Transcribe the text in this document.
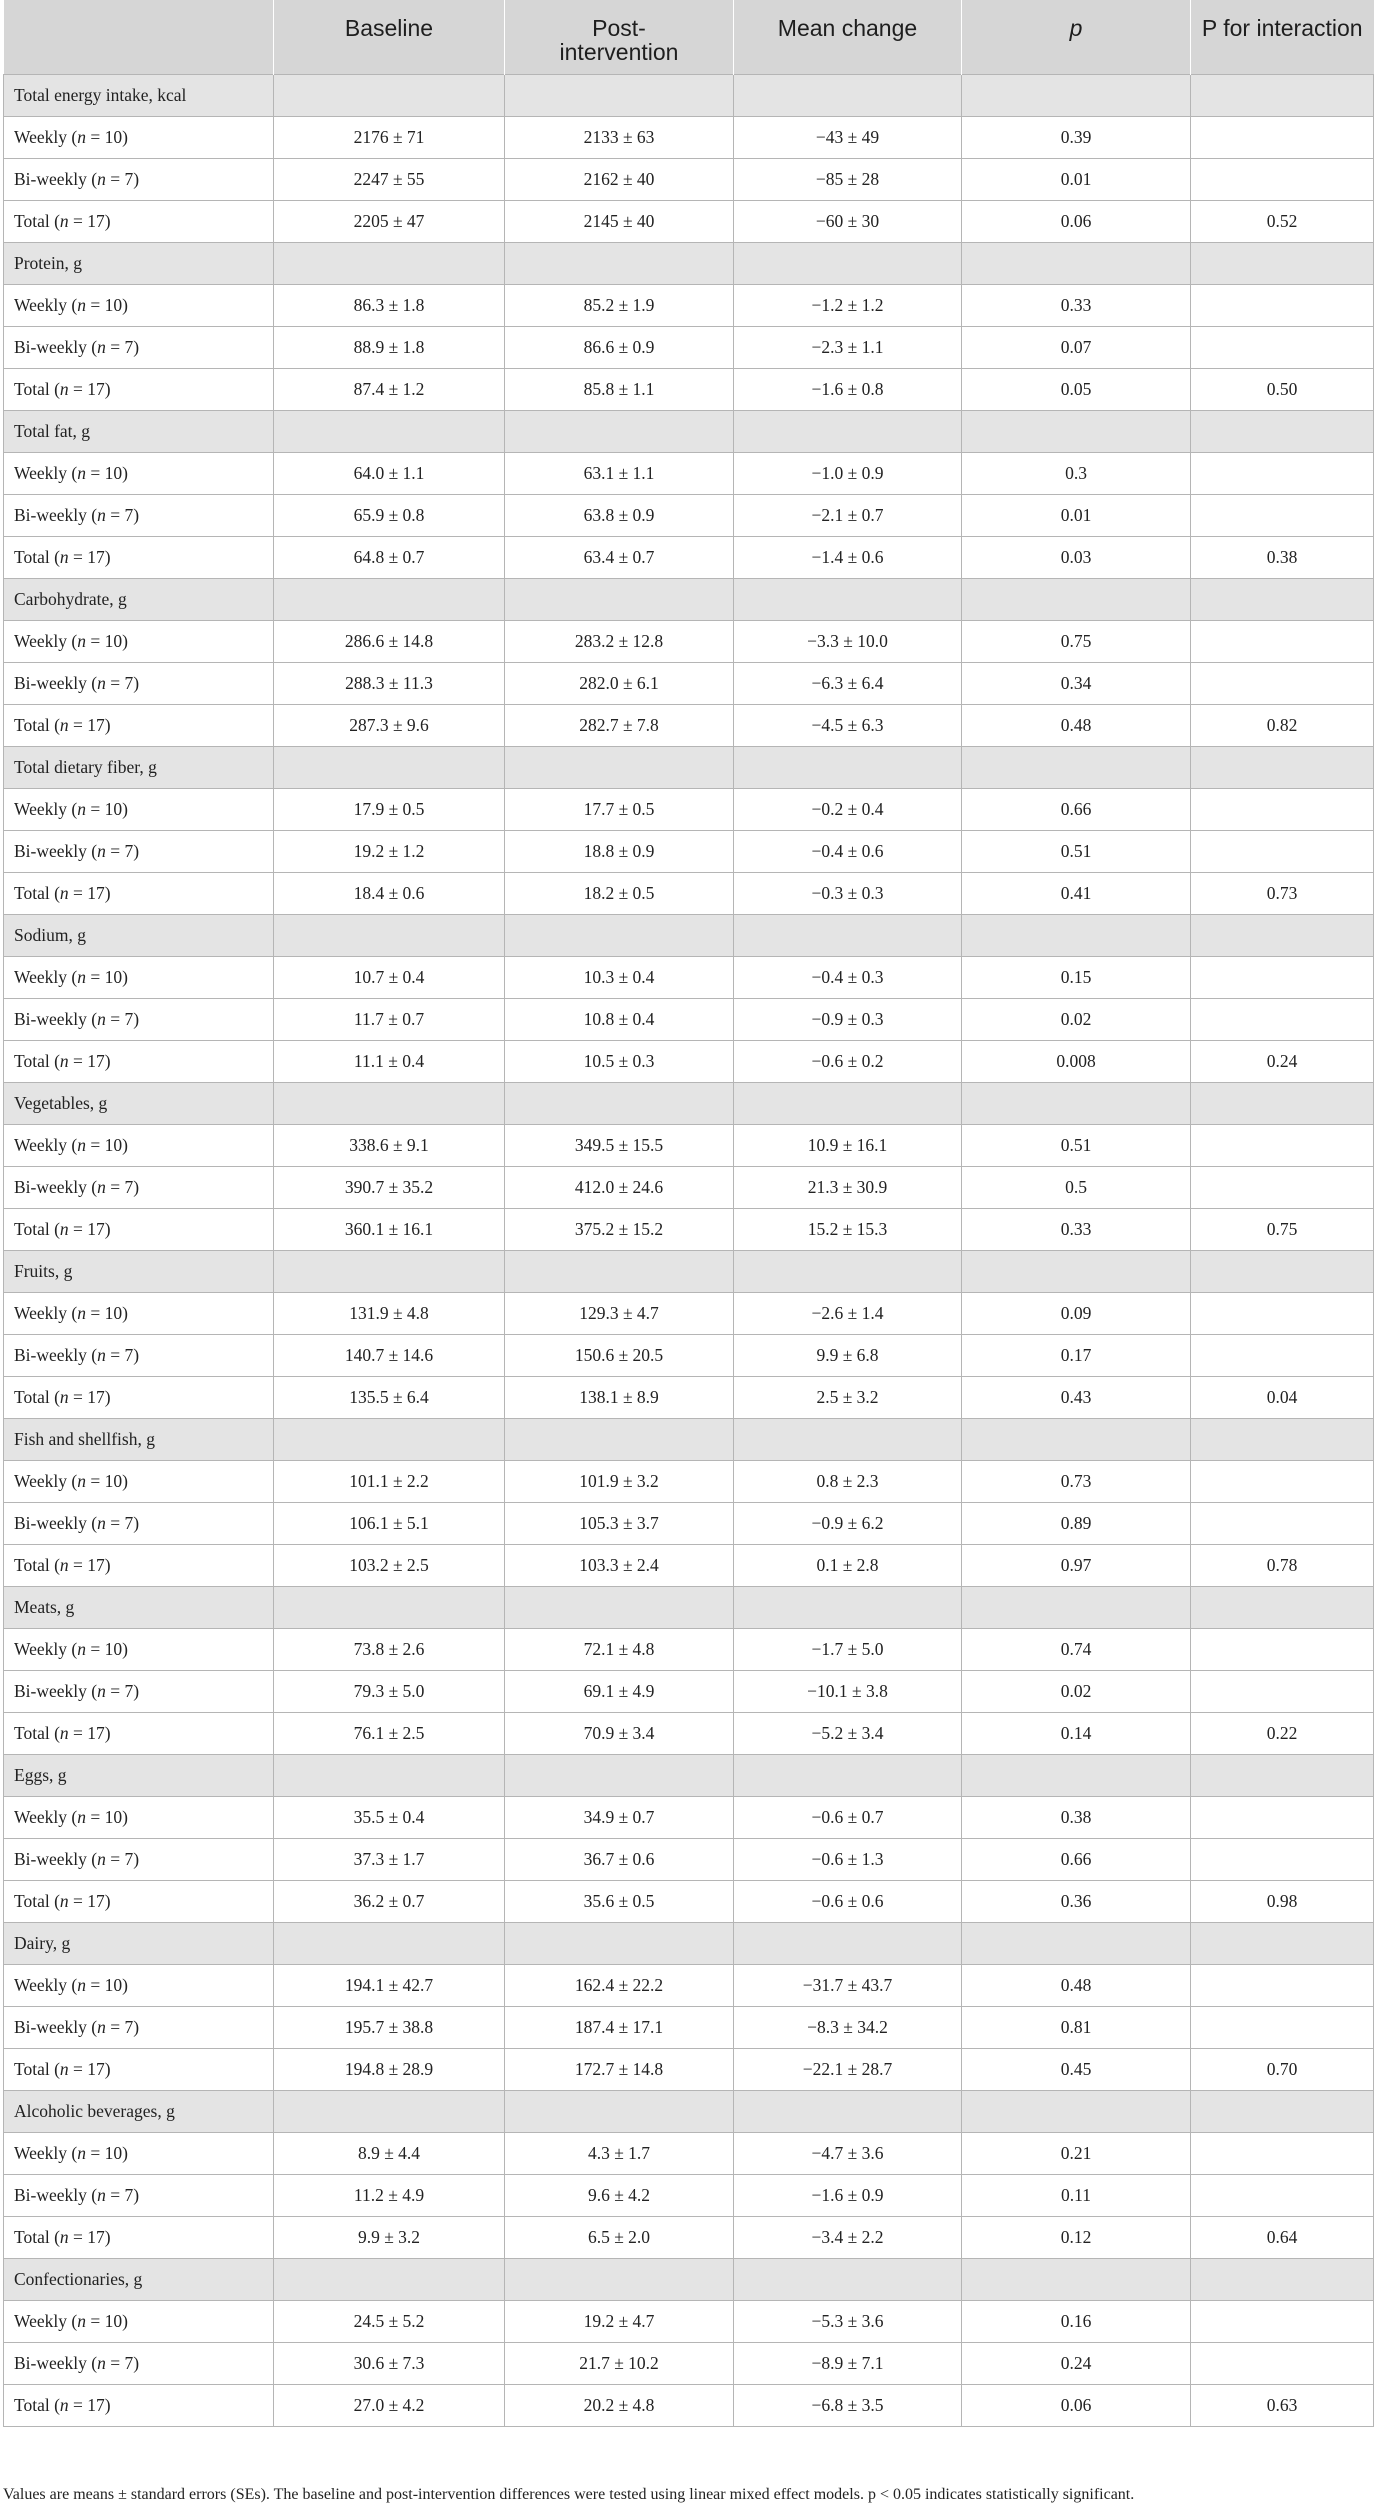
	Baseline	Post-intervention	Mean change	p	P for interaction
Total energy intake, kcal					
Weekly (n = 10)	2176 ± 71	2133 ± 63	−43 ± 49	0.39	
Bi-weekly (n = 7)	2247 ± 55	2162 ± 40	−85 ± 28	0.01	
Total (n = 17)	2205 ± 47	2145 ± 40	−60 ± 30	0.06	0.52
Protein, g					
Weekly (n = 10)	86.3 ± 1.8	85.2 ± 1.9	−1.2 ± 1.2	0.33	
Bi-weekly (n = 7)	88.9 ± 1.8	86.6 ± 0.9	−2.3 ± 1.1	0.07	
Total (n = 17)	87.4 ± 1.2	85.8 ± 1.1	−1.6 ± 0.8	0.05	0.50
Total fat, g					
Weekly (n = 10)	64.0 ± 1.1	63.1 ± 1.1	−1.0 ± 0.9	0.3	
Bi-weekly (n = 7)	65.9 ± 0.8	63.8 ± 0.9	−2.1 ± 0.7	0.01	
Total (n = 17)	64.8 ± 0.7	63.4 ± 0.7	−1.4 ± 0.6	0.03	0.38
Carbohydrate, g					
Weekly (n = 10)	286.6 ± 14.8	283.2 ± 12.8	−3.3 ± 10.0	0.75	
Bi-weekly (n = 7)	288.3 ± 11.3	282.0 ± 6.1	−6.3 ± 6.4	0.34	
Total (n = 17)	287.3 ± 9.6	282.7 ± 7.8	−4.5 ± 6.3	0.48	0.82
Total dietary fiber, g					
Weekly (n = 10)	17.9 ± 0.5	17.7 ± 0.5	−0.2 ± 0.4	0.66	
Bi-weekly (n = 7)	19.2 ± 1.2	18.8 ± 0.9	−0.4 ± 0.6	0.51	
Total (n = 17)	18.4 ± 0.6	18.2 ± 0.5	−0.3 ± 0.3	0.41	0.73
Sodium, g					
Weekly (n = 10)	10.7 ± 0.4	10.3 ± 0.4	−0.4 ± 0.3	0.15	
Bi-weekly (n = 7)	11.7 ± 0.7	10.8 ± 0.4	−0.9 ± 0.3	0.02	
Total (n = 17)	11.1 ± 0.4	10.5 ± 0.3	−0.6 ± 0.2	0.008	0.24
Vegetables, g					
Weekly (n = 10)	338.6 ± 9.1	349.5 ± 15.5	10.9 ± 16.1	0.51	
Bi-weekly (n = 7)	390.7 ± 35.2	412.0 ± 24.6	21.3 ± 30.9	0.5	
Total (n = 17)	360.1 ± 16.1	375.2 ± 15.2	15.2 ± 15.3	0.33	0.75
Fruits, g					
Weekly (n = 10)	131.9 ± 4.8	129.3 ± 4.7	−2.6 ± 1.4	0.09	
Bi-weekly (n = 7)	140.7 ± 14.6	150.6 ± 20.5	9.9 ± 6.8	0.17	
Total (n = 17)	135.5 ± 6.4	138.1 ± 8.9	2.5 ± 3.2	0.43	0.04
Fish and shellfish, g					
Weekly (n = 10)	101.1 ± 2.2	101.9 ± 3.2	0.8 ± 2.3	0.73	
Bi-weekly (n = 7)	106.1 ± 5.1	105.3 ± 3.7	−0.9 ± 6.2	0.89	
Total (n = 17)	103.2 ± 2.5	103.3 ± 2.4	0.1 ± 2.8	0.97	0.78
Meats, g					
Weekly (n = 10)	73.8 ± 2.6	72.1 ± 4.8	−1.7 ± 5.0	0.74	
Bi-weekly (n = 7)	79.3 ± 5.0	69.1 ± 4.9	−10.1 ± 3.8	0.02	
Total (n = 17)	76.1 ± 2.5	70.9 ± 3.4	−5.2 ± 3.4	0.14	0.22
Eggs, g					
Weekly (n = 10)	35.5 ± 0.4	34.9 ± 0.7	−0.6 ± 0.7	0.38	
Bi-weekly (n = 7)	37.3 ± 1.7	36.7 ± 0.6	−0.6 ± 1.3	0.66	
Total (n = 17)	36.2 ± 0.7	35.6 ± 0.5	−0.6 ± 0.6	0.36	0.98
Dairy, g					
Weekly (n = 10)	194.1 ± 42.7	162.4 ± 22.2	−31.7 ± 43.7	0.48	
Bi-weekly (n = 7)	195.7 ± 38.8	187.4 ± 17.1	−8.3 ± 34.2	0.81	
Total (n = 17)	194.8 ± 28.9	172.7 ± 14.8	−22.1 ± 28.7	0.45	0.70
Alcoholic beverages, g					
Weekly (n = 10)	8.9 ± 4.4	4.3 ± 1.7	−4.7 ± 3.6	0.21	
Bi-weekly (n = 7)	11.2 ± 4.9	9.6 ± 4.2	−1.6 ± 0.9	0.11	
Total (n = 17)	9.9 ± 3.2	6.5 ± 2.0	−3.4 ± 2.2	0.12	0.64
Confectionaries, g					
Weekly (n = 10)	24.5 ± 5.2	19.2 ± 4.7	−5.3 ± 3.6	0.16	
Bi-weekly (n = 7)	30.6 ± 7.3	21.7 ± 10.2	−8.9 ± 7.1	0.24	
Total (n = 17)	27.0 ± 4.2	20.2 ± 4.8	−6.8 ± 3.5	0.06	0.63
Values are means ± standard errors (SEs). The baseline and post-intervention differences were tested using linear mixed effect models. p < 0.05 indicates statistically significant.
